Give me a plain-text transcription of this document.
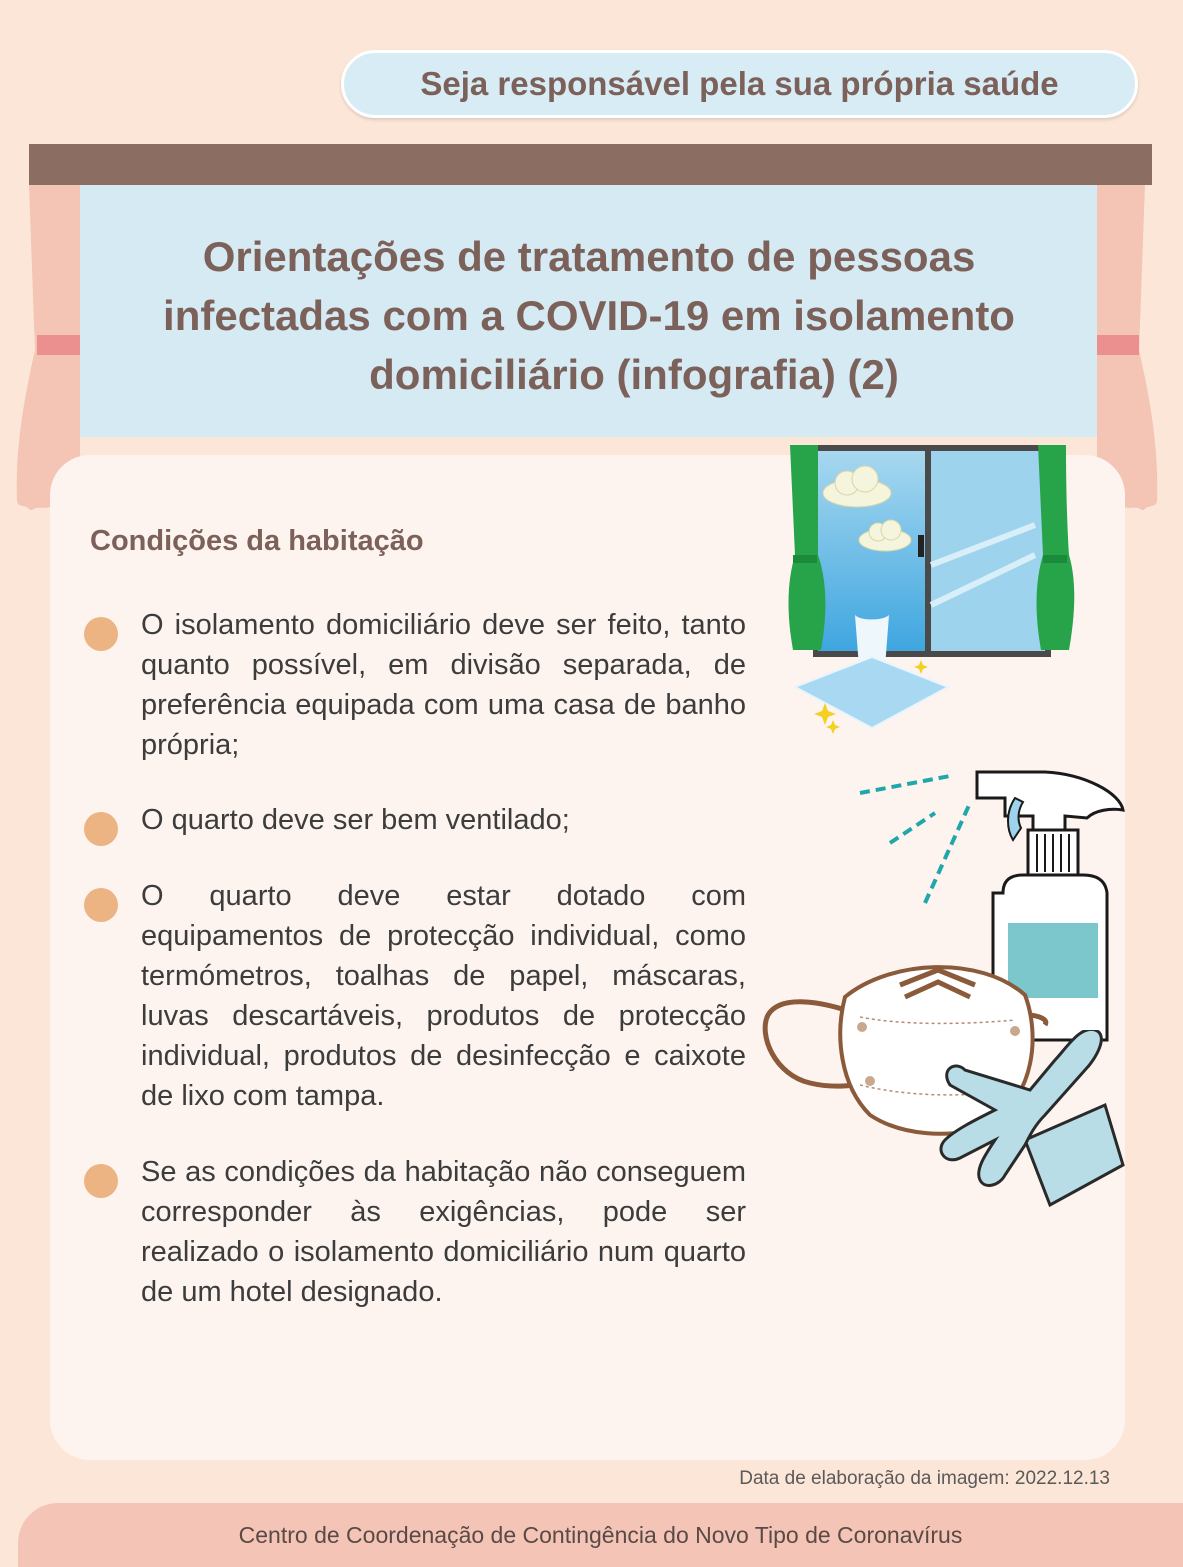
Seja responsável pela sua própria saúde
Orientações de tratamento de pessoas
infectadas com a COVID-19 em isolamento
domiciliário (infografia) (2)
Condições da habitação
O isolamento domiciliário deve ser feito, tanto quanto possível, em divisão separada, de preferência equipada com uma casa de banho própria;
O quarto deve ser bem ventilado;
O quarto deve estar dotado com equipamentos de protecção individual, como termómetros, toalhas de papel, máscaras, luvas descartáveis, produtos de protecção individual, produtos de desinfecção e caixote de lixo com tampa.
Se as condições da habitação não conseguem corresponder às exigências, pode ser realizado o isolamento domiciliário num quarto de um hotel designado.
Data de elaboração da imagem: 2022.12.13
Centro de Coordenação de Contingência do Novo Tipo de Coronavírus
